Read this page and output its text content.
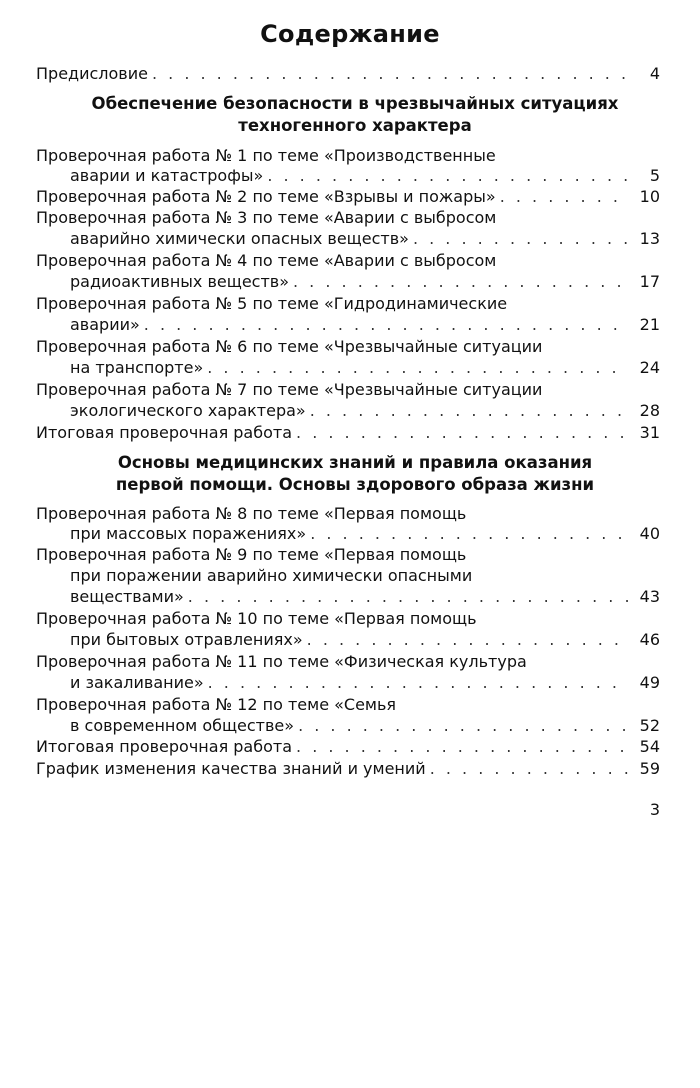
Содержание
Предисловие . . .	4
Обеспечение безопасности в чрезвычайных ситуациях
техногенного характера
Проверочная работа № 1 по теме «Производственные
аварии и катастрофы» . . .	5
Проверочная работа № 2 по теме «Взрывы и пожары» . . .	10
Проверочная работа № 3 по теме «Аварии с выбросом
аварийно химически опасных веществ» . . .	13
Проверочная работа № 4 по теме «Аварии с выбросом
радиоактивных веществ» . . .	17
Проверочная работа № 5 по теме «Гидродинамические
аварии» . . .	21
Проверочная работа № 6 по теме «Чрезвычайные ситуации
на транспорте» . . .	24
Проверочная работа № 7 по теме «Чрезвычайные ситуации
экологического характера» . . .	28
Итоговая проверочная работа . . .	31
Основы медицинских знаний и правила оказания
первой помощи. Основы здорового образа жизни
Проверочная работа № 8 по теме «Первая помощь
при массовых поражениях» . . .	40
Проверочная работа № 9 по теме «Первая помощь
при поражении аварийно химически опасными
веществами» . . .	43
Проверочная работа № 10 по теме «Первая помощь
при бытовых отравлениях» . . .	46
Проверочная работа № 11 по теме «Физическая культура
и закаливание» . . .	49
Проверочная работа № 12 по теме «Семья
в современном обществе» . . .	52
Итоговая проверочная работа . . .	54
График изменения качества знаний и умений . . .	59
3
